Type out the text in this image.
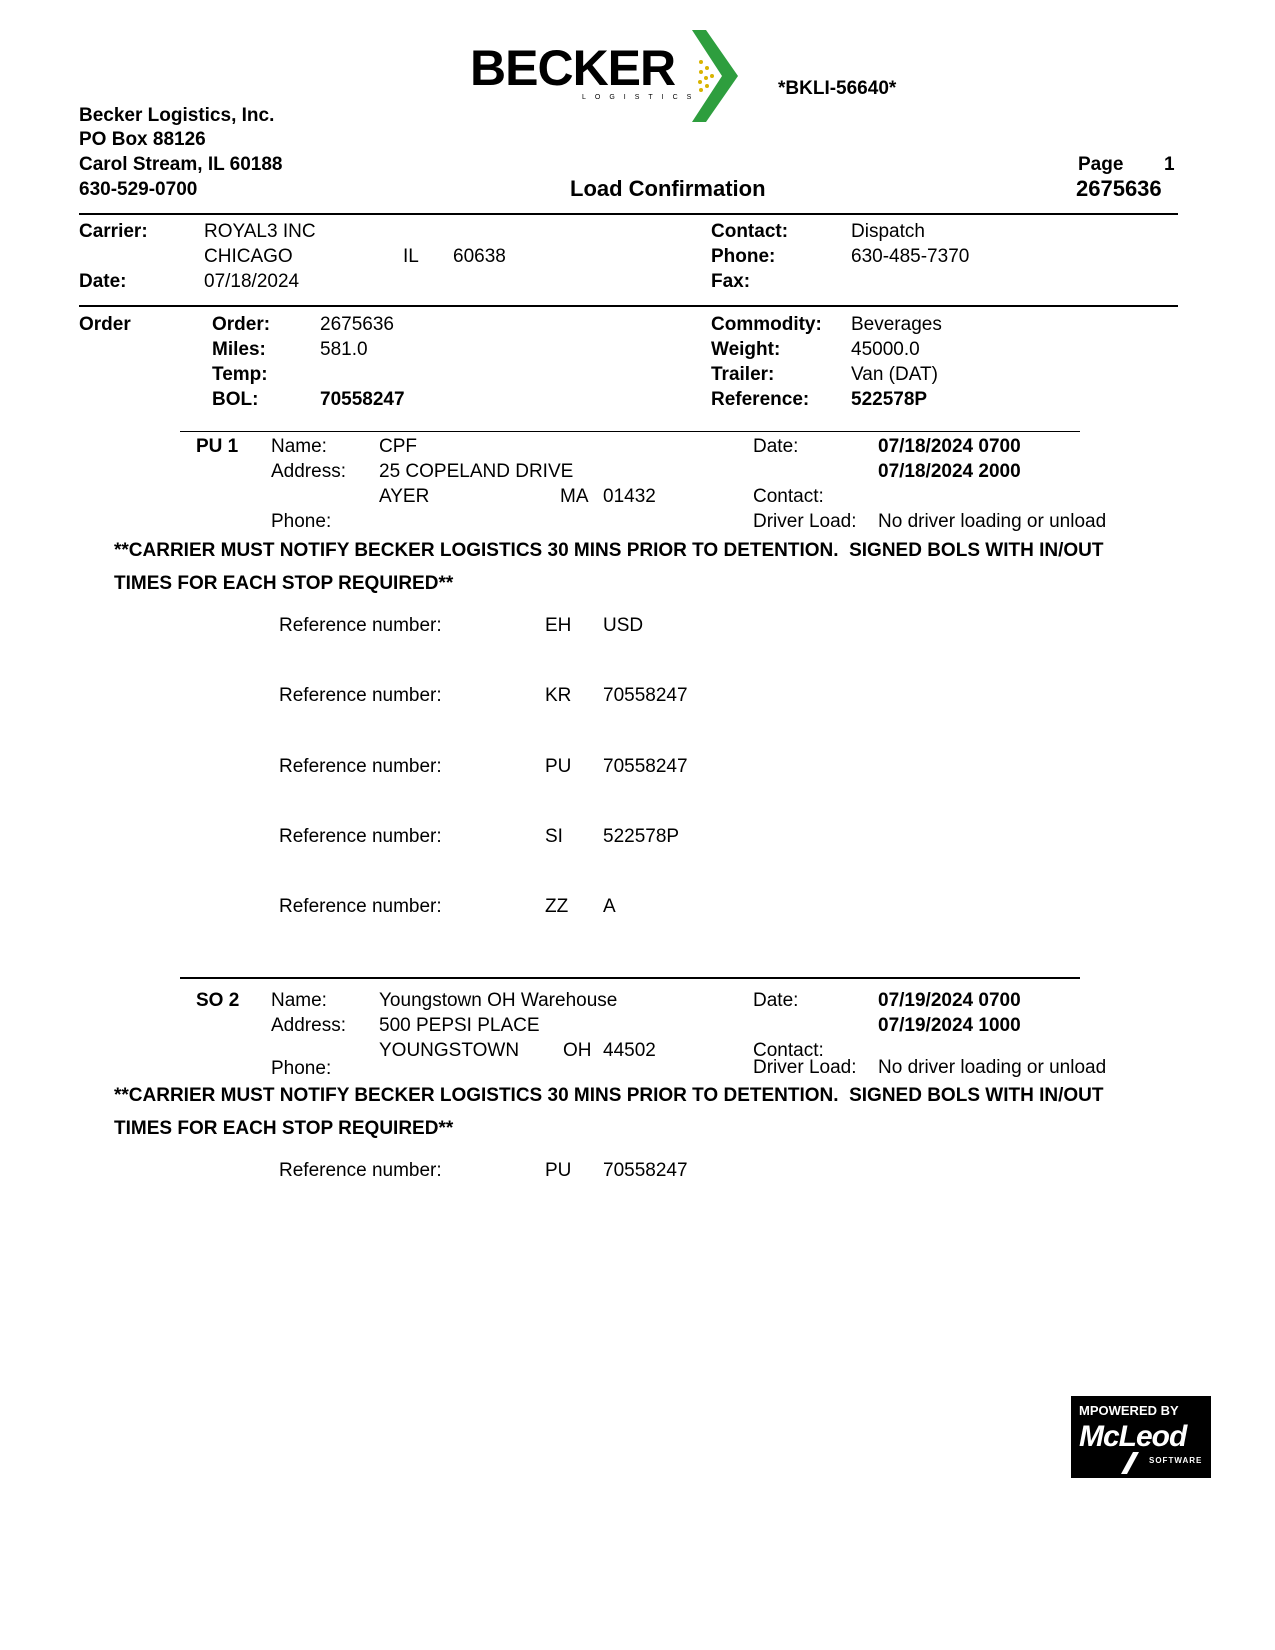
BECKER
LOGISTICS	*BKLI-56640*
Becker Logistics, Inc.
PO Box 88126
Carol Stream, IL 60188
630-529-0700	Load Confirmation
Page 1
2675636
Carrier:	ROYAL3 INC
CHICAGO	IL 60638
Date:	07/18/2024
Contact:	Dispatch
Phone:	630-485-7370
Fax:
Order	Order:	2675636
Miles:	581.0
Temp:
BOL:	70558247
Commodity: Beverages
Weight:	45000.0
Trailer:	Van (DAT)
Reference: 522578P
PU 1 Name:	CPF
Address: 25 COPELAND DRIVE
AYER	MA 01432
Phone:
Date:	07/18/2024 0700
07/18/2024 2000
Contact:
Driver Load: No driver loading or unload
**CARRIER MUST NOTIFY BECKER LOGISTICS 30 MINS PRIOR TO DETENTION.  SIGNED BOLS WITH IN/OUT
TIMES FOR EACH STOP REQUIRED**
Reference number:	EH USD
Reference number:	KR 70558247
Reference number:	PU 70558247
Reference number:	SI 522578P
Reference number:	ZZ A
SO 2 Name:	Youngstown OH Warehouse
Address: 500 PEPSI PLACE
YOUNGSTOWN OH 44502
Phone:
Date:	07/19/2024 0700
07/19/2024 1000
Contact:
Driver Load: No driver loading or unload
**CARRIER MUST NOTIFY BECKER LOGISTICS 30 MINS PRIOR TO DETENTION.  SIGNED BOLS WITH IN/OUT
TIMES FOR EACH STOP REQUIRED**
Reference number:	PU 70558247
MPOWERED BY
McLeod
SOFTWARE
